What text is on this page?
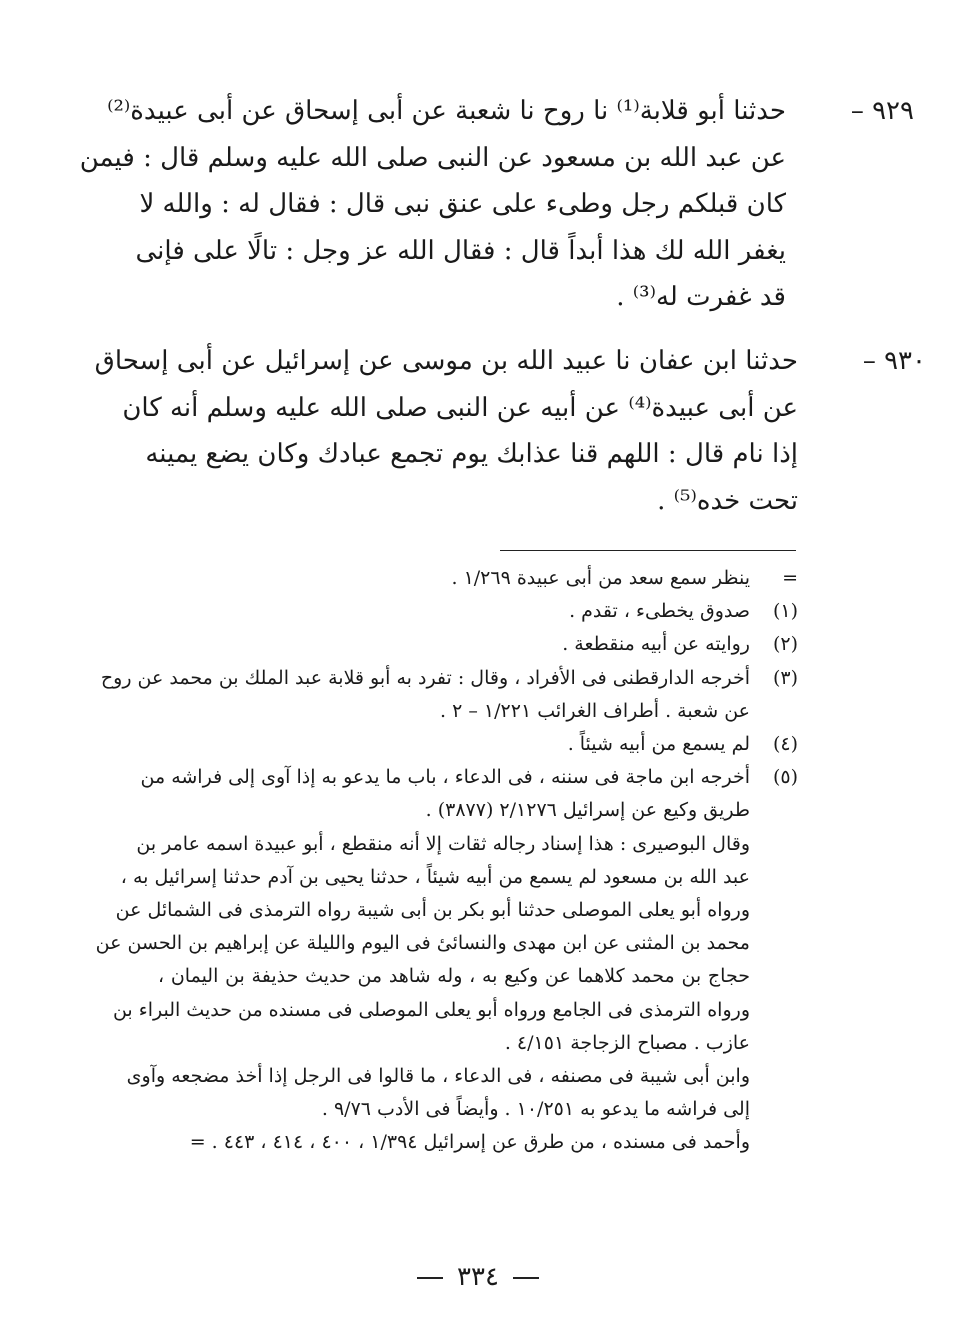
٩٢٩ –
حدثنا أبو قلابة⁽¹⁾ نا روح نا شعبة عن أبى إسحاق عن أبى عبيدة⁽²⁾
عن عبد الله بن مسعود عن النبى صلى الله عليه وسلم قال : فيمن
كان قبلكم رجل وطىء على عنق نبى قال : فقال له : والله لا
يغفر الله لك هذا أبداً قال : فقال الله عز وجل : تالًا على فإنى
قد غفرت له⁽³⁾ .
٩٣٠ –
حدثنا ابن عفان نا عبيد الله بن موسى عن إسرائيل عن أبى إسحاق
عن أبى عبيدة⁽⁴⁾ عن أبيه عن النبى صلى الله عليه وسلم أنه كان
إذا نام قال : اللهم قنا عذابك يوم تجمع عبادك وكان يضع يمينه
تحت خده⁽⁵⁾ .
=
ينظر سمع سعد من أبى عبيدة ١/٢٦٩ .
(١)
صدوق يخطىء ، تقدم .
(٢)
روايته عن أبيه منقطعة .
(٣)
أخرجه الدارقطنى فى الأفراد ، وقال : تفرد به أبو قلابة عبد الملك بن محمد عن روح
عن شعبة . أطراف الغرائب ١/٢٢١ – ٢ .
(٤)
لم يسمع من أبيه شيئاً .
(٥)
أخرجه ابن ماجة فى سننه ، فى الدعاء ، باب ما يدعو به إذا آوى إلى فراشه من
طريق وكيع عن إسرائيل ٢/١٢٧٦ (٣٨٧٧) .
وقال البوصيرى : هذا إسناد رجاله ثقات إلا أنه منقطع ، أبو عبيدة اسمه عامر بن
عبد الله بن مسعود لم يسمع من أبيه شيئاً ، حدثنا يحيى بن آدم حدثنا إسرائيل به ،
ورواه أبو يعلى الموصلى حدثنا أبو بكر بن أبى شيبة رواه الترمذى فى الشمائل عن
محمد بن المثنى عن ابن مهدى والنسائىٔ فى اليوم والليلة عن إبراهيم بن الحسن عن
حجاج بن محمد كلاهما عن وكيع به ، وله شاهد من حديث حذيفة بن اليمان ،
ورواه الترمذى فى الجامع ورواه أبو يعلى الموصلى فى مسنده من حديث البراء بن
عازب . مصباح الزجاجة ٤/١٥١ .
وابن أبى شيبة فى مصنفه ، فى الدعاء ، ما قالوا فى الرجل إذا أخذ مضجعه وآوى
إلى فراشه ما يدعو به ١٠/٢٥١ . وأيضاً فى الأدب ٩/٧٦ .
وأحمد فى مسنده ، من طرق عن إسرائيل ١/٣٩٤ ، ٤٠٠ ، ٤١٤ ، ٤٤٣ . =
٣٣٤
